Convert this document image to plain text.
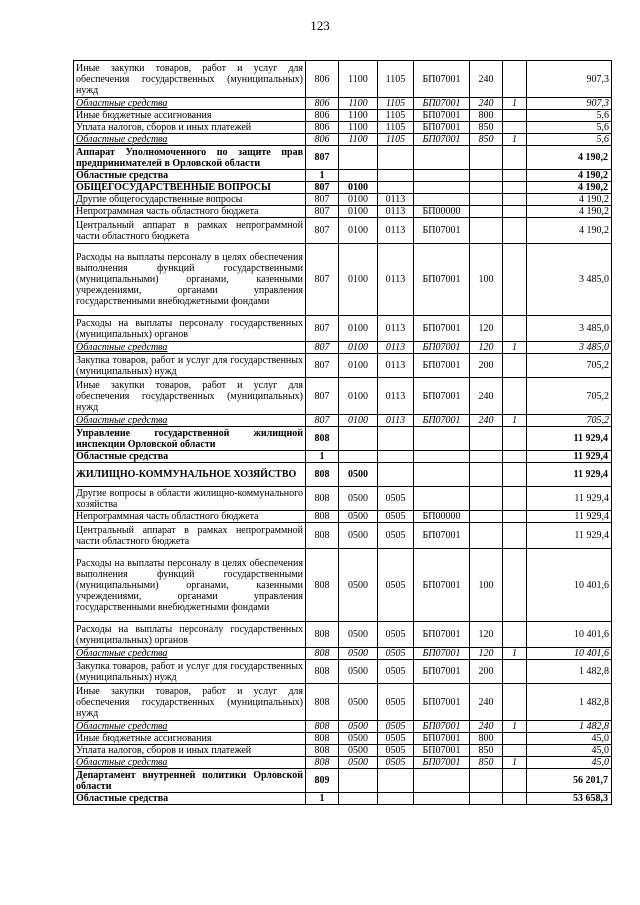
123
Иные закупки товаров, работ и услуг для обеспечения государственных (муниципальных) нужд	806	1100	1105	БП07001	240		907,3
Областные средства	806	1100	1105	БП07001	240	1	907,3
Иные бюджетные ассигнования	806	1100	1105	БП07001	800		5,6
Уплата налогов, сборов и иных платежей	806	1100	1105	БП07001	850		5,6
Областные средства	806	1100	1105	БП07001	850	1	5,6
Аппарат Уполномоченного по защите прав предпринимателей в Орловской области	807						4 190,2
Областные средства	1						4 190,2
ОБЩЕГОСУДАРСТВЕННЫЕ ВОПРОСЫ	807	0100					4 190,2
Другие общегосударственные вопросы	807	0100	0113				4 190,2
Непрограммная часть областного бюджета	807	0100	0113	БП00000			4 190,2
Центральный аппарат в рамках непрограммной части областного бюджета	807	0100	0113	БП07001			4 190,2
Расходы на выплаты персоналу в целях обеспечения выполнения функций государственными (муниципальными) органами, казенными учреждениями, органами управления государственными внебюджетными фондами	807	0100	0113	БП07001	100		3 485,0
Расходы на выплаты персоналу государственных (муниципальных) органов	807	0100	0113	БП07001	120		3 485,0
Областные средства	807	0100	0113	БП07001	120	1	3 485,0
Закупка товаров, работ и услуг для государственных (муниципальных) нужд	807	0100	0113	БП07001	200		705,2
Иные закупки товаров, работ и услуг для обеспечения государственных (муниципальных) нужд	807	0100	0113	БП07001	240		705,2
Областные средства	807	0100	0113	БП07001	240	1	705,2
Управление государственной жилищной инспекции Орловской области	808						11 929,4
Областные средства	1						11 929,4
ЖИЛИЩНО-КОММУНАЛЬНОЕ ХОЗЯЙСТВО	808	0500					11 929,4
Другие вопросы в области жилищно-коммунального хозяйства	808	0500	0505				11 929,4
Непрограммная часть областного бюджета	808	0500	0505	БП00000			11 929,4
Центральный аппарат в рамках непрограммной части областного бюджета	808	0500	0505	БП07001			11 929,4
Расходы на выплаты персоналу в целях обеспечения выполнения функций государственными (муниципальными) органами, казенными учреждениями, органами управления государственными внебюджетными фондами	808	0500	0505	БП07001	100		10 401,6
Расходы на выплаты персоналу государственных (муниципальных) органов	808	0500	0505	БП07001	120		10 401,6
Областные средства	808	0500	0505	БП07001	120	1	10 401,6
Закупка товаров, работ и услуг для государственных (муниципальных) нужд	808	0500	0505	БП07001	200		1 482,8
Иные закупки товаров, работ и услуг для обеспечения государственных (муниципальных) нужд	808	0500	0505	БП07001	240		1 482,8
Областные средства	808	0500	0505	БП07001	240	1	1 482,8
Иные бюджетные ассигнования	808	0500	0505	БП07001	800		45,0
Уплата налогов, сборов и иных платежей	808	0500	0505	БП07001	850		45,0
Областные средства	808	0500	0505	БП07001	850	1	45,0
Департамент внутренней политики Орловской области	809						56 201,7
Областные средства	1						53 658,3
